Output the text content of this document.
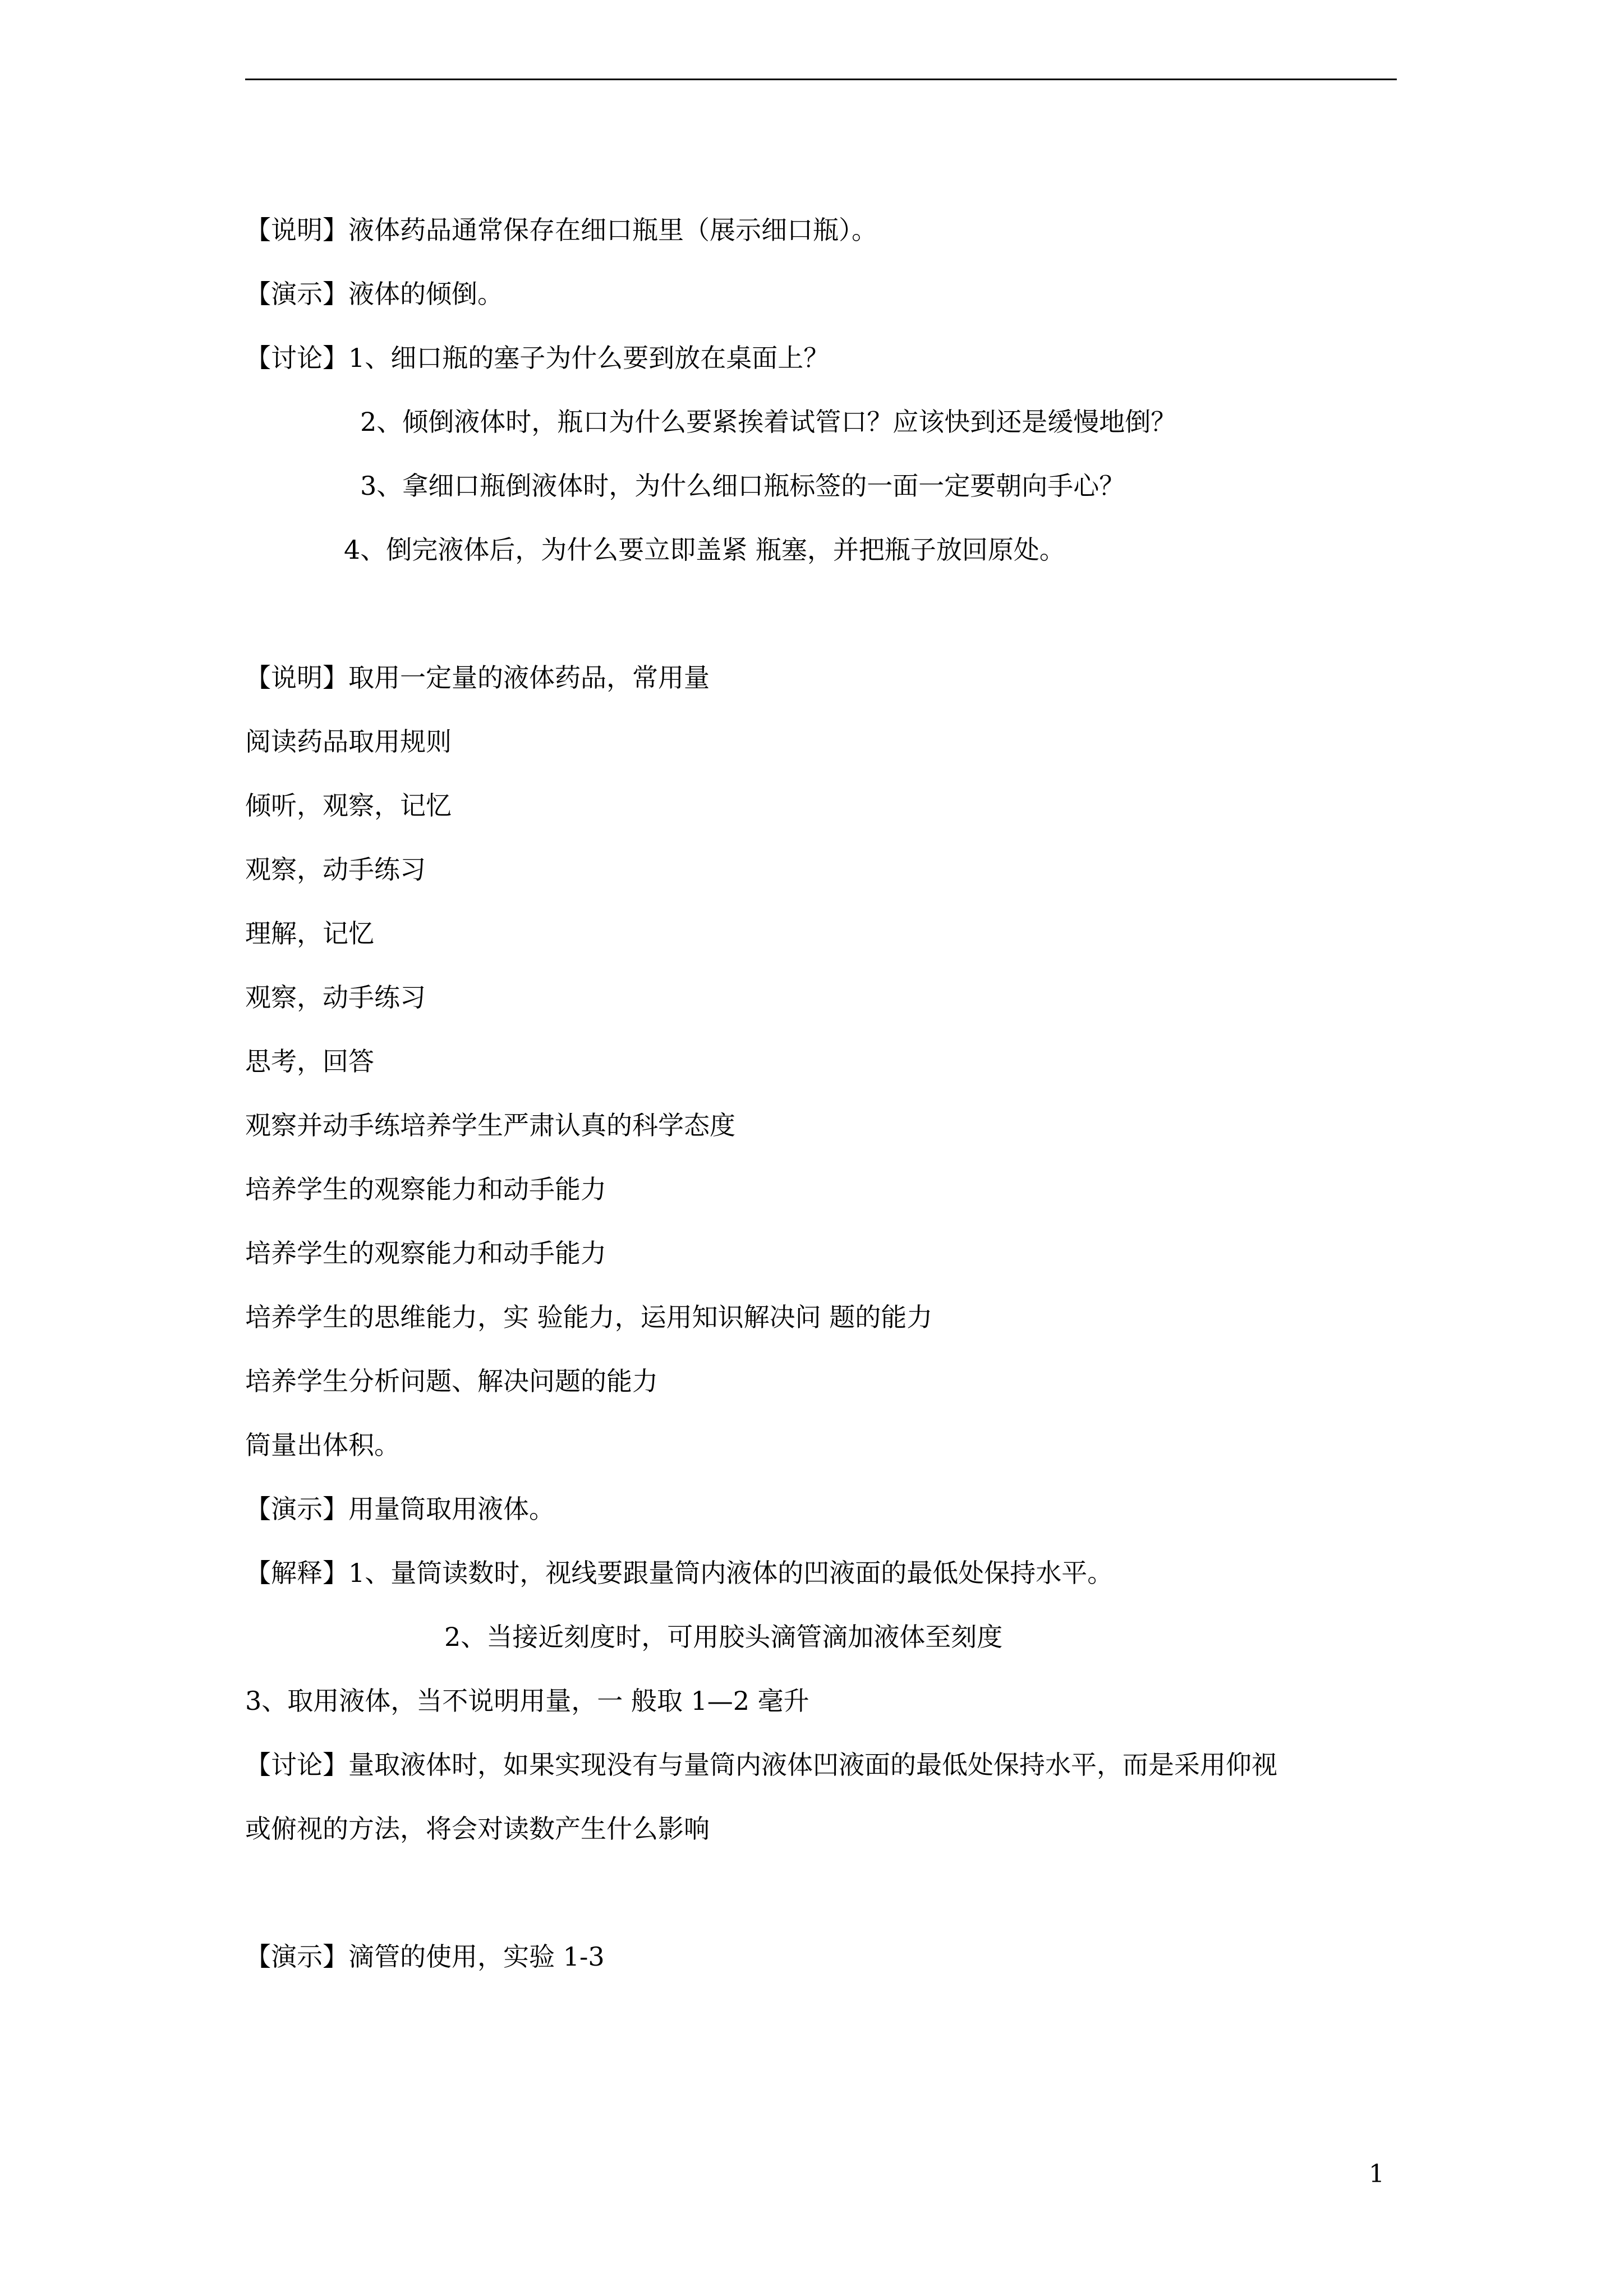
【说明】液体药品通常保存在细口瓶里（展示细口瓶）。
【演示】液体的倾倒。
【讨论】1、细口瓶的塞子为什么要到放在桌面上？
2、倾倒液体时，瓶口为什么要紧挨着试管口？应该快到还是缓慢地倒？
3、拿细口瓶倒液体时，为什么细口瓶标签的一面一定要朝向手心？
4、倒完液体后，为什么要立即盖紧 瓶塞，并把瓶子放回原处。
【说明】取用一定量的液体药品，常用量
阅读药品取用规则
倾听，观察，记忆
观察，动手练习
理解，记忆
观察，动手练习
思考，回答
观察并动手练培养学生严肃认真的科学态度
培养学生的观察能力和动手能力
培养学生的观察能力和动手能力
培养学生的思维能力，实 验能力，运用知识解决问 题的能力
培养学生分析问题、解决问题的能力
筒量出体积。
【演示】用量筒取用液体。
【解释】1、量筒读数时，视线要跟量筒内液体的凹液面的最低处保持水平。
2、当接近刻度时，可用胶头滴管滴加液体至刻度
3、取用液体，当不说明用量，一 般取 1—2 毫升
【讨论】量取液体时，如果实现没有与量筒内液体凹液面的最低处保持水平，而是采用仰视
或俯视的方法，将会对读数产生什么影响
【演示】滴管的使用，实验 1-3
1
